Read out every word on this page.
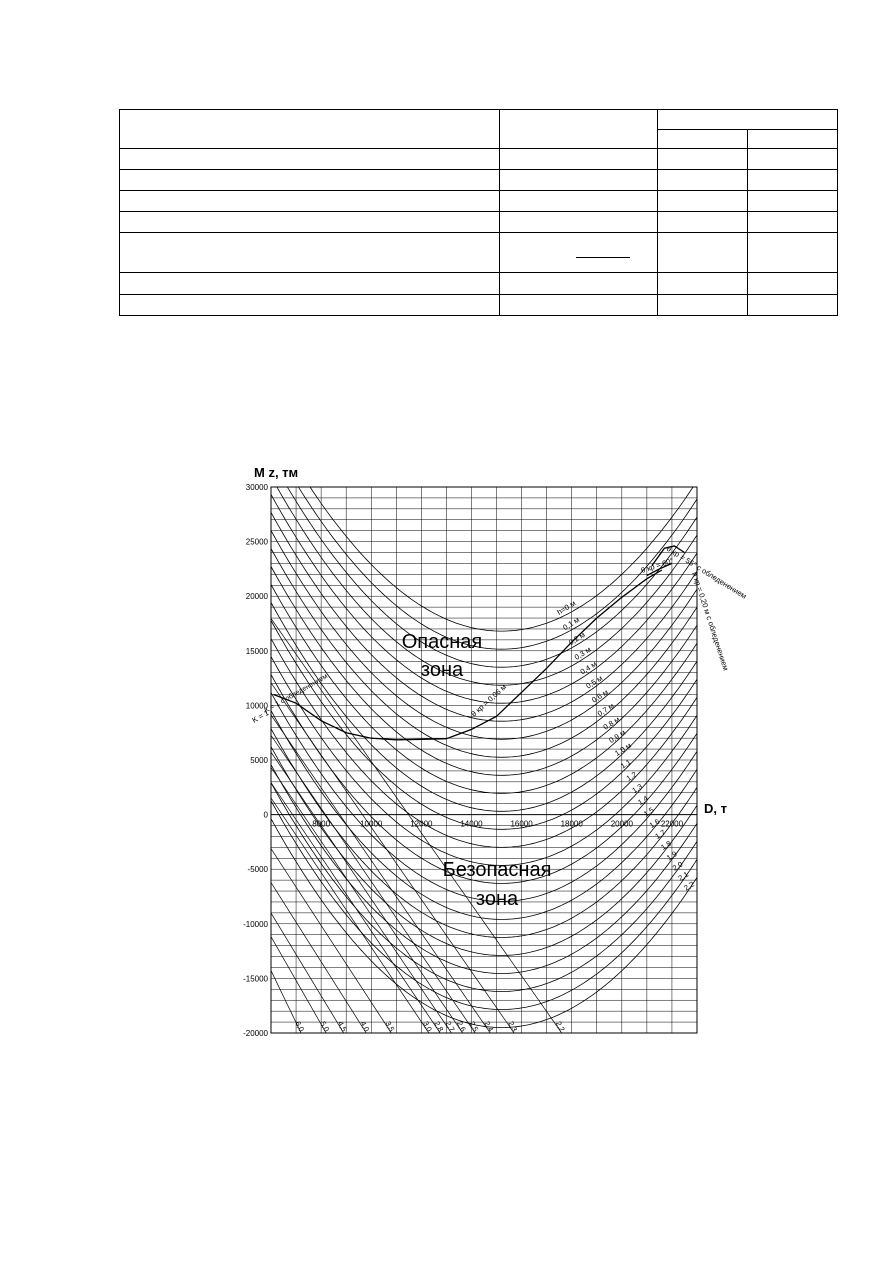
30000
25000
20000
15000
10000
5000
0
-5000
-10000
-15000
-20000
8000	10000	12000	14000	16000	18000	20000	22000
h=0 м
0,1 м
0,2 м
0,3 м
0,4 м
0,5 м
0,6 м
0,7 м
0,8 м
0,9 м
1,0 м
1,1
1,2
1,3
1,4
1,5
1,6
1,7
1,8
1,9
2,0
2,1
2,2
6,0 5,0 4,5 4,0 3,5	3,0
2,8
2,7
2,6 2,5 2,4 2,3	2,2
θ кр = 55° с обледенением
θ кр = 60°
h кр = 0,20 м с обледенением
K = 1
K = 1 с обледенением	θ кр = 0,06 м
M z, тм
D, т
Опасная
зона
Безопасная
зона
